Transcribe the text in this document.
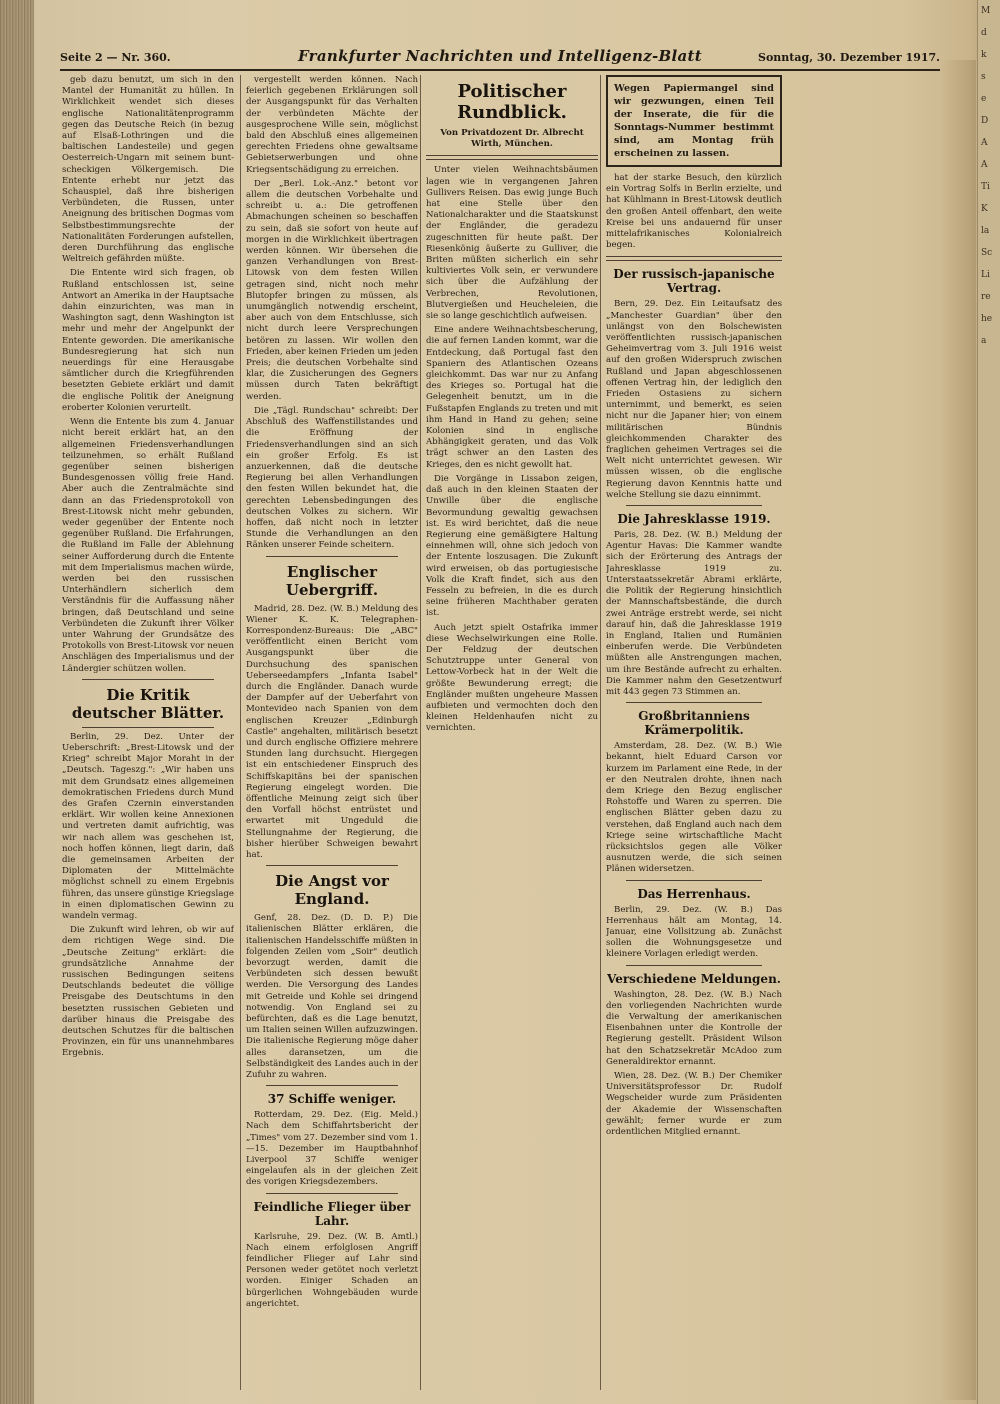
M
d
k
s
e
D
A
A
Ti
K
la
Sc
Li
re
he
a
Seite 2 — Nr. 360.	Frankfurter Nachrichten und Intelligenz-Blatt	Sonntag, 30. Dezember 1917.

geb dazu benutzt, um sich in den Mantel der Humanität zu hüllen. In Wirklichkeit wendet sich dieses englische Nationalitätenprogramm gegen das Deutsche Reich (in bezug auf Elsaß-Lothringen und die baltischen Landesteile) und gegen Oesterreich-Ungarn mit seinem buntscheckigen Völkergemisch. Die Entente erhebt nur jetzt das Schauspiel, daß ihre bisherigen Verbündeten, die Russen, unter Aneignung des britischen Dogmas vom Selbstbestimmungsrechte der Nationalitäten Forderungen aufstellen, deren Durchführung das englische Weltreich gefährden müßte.

Die Entente wird sich fragen, ob Rußland entschlossen ist, seine Antwort an Amerika in der Hauptsache dahin einzurichten, was man in Washington sagt, denn Washington ist mehr und mehr der Angelpunkt der Entente geworden. Die amerikanische Bundesregierung hat sich nun neuerdings für eine Herausgabe sämtlicher durch die Kriegführenden besetzten Gebiete erklärt und damit die englische Politik der Aneignung eroberter Kolonien verurteilt.

Wenn die Entente bis zum 4. Januar nicht bereit erklärt hat, an den allgemeinen Friedensverhandlungen teilzunehmen, so erhält Rußland gegenüber seinen bisherigen Bundesgenossen völlig freie Hand. Aber auch die Zentralmächte sind dann an das Friedensprotokoll von Brest-Litowsk nicht mehr gebunden, weder gegenüber der Entente noch gegenüber Rußland. Die Erfahrungen, die Rußland im Falle der Ablehnung seiner Aufforderung durch die Entente mit dem Imperialismus machen würde, werden bei den russischen Unterhändlern sicherlich dem Verständnis für die Auffassung näher bringen, daß Deutschland und seine Verbündeten die Zukunft ihrer Völker unter Wahrung der Grundsätze des Protokolls von Brest-Litowsk vor neuen Anschlägen des Imperialismus und der Ländergier schützen wollen.

Die Kritik deutscher Blätter.

Berlin, 29. Dez. Unter der Ueberschrift: „Brest-Litowsk und der Krieg" schreibt Major Moraht in der „Deutsch. Tageszg.": „Wir haben uns mit dem Grundsatz eines allgemeinen demokratischen Friedens durch Mund des Grafen Czernin einverstanden erklärt. Wir wollen keine Annexionen und vertreten damit aufrichtig, was wir nach allem was geschehen ist, noch hoffen können, liegt darin, daß die gemeinsamen Arbeiten der Diplomaten der Mittelmächte möglichst schnell zu einem Ergebnis führen, das unsere günstige Kriegslage in einen diplomatischen Gewinn zu wandeln vermag.

Die Zukunft wird lehren, ob wir auf dem richtigen Wege sind. Die „Deutsche Zeitung" erklärt: die grundsätzliche Annahme der russischen Bedingungen seitens Deutschlands bedeutet die völlige Preisgabe des Deutschtums in den besetzten russischen Gebieten und darüber hinaus die Preisgabe des deutschen Schutzes für die baltischen Provinzen, ein für uns unannehmbares Ergebnis.

vergestellt werden können. Nach feierlich gegebenen Erklärungen soll der Ausgangspunkt für das Verhalten der verbündeten Mächte der ausgesprochene Wille sein, möglichst bald den Abschluß eines allgemeinen gerechten Friedens ohne gewaltsame Gebietserwerbungen und ohne Kriegsentschädigung zu erreichen.

Der „Berl. Lok.-Anz." betont vor allem die deutschen Vorbehalte und schreibt u. a.: Die getroffenen Abmachungen scheinen so beschaffen zu sein, daß sie sofort von heute auf morgen in die Wirklichkeit übertragen werden können. Wir übersehen die ganzen Verhandlungen von Brest-Litowsk von dem festen Willen getragen sind, nicht noch mehr Blutopfer bringen zu müssen, als unumgänglich notwendig erscheint, aber auch von dem Entschlusse, sich nicht durch leere Versprechungen betören zu lassen. Wir wollen den Frieden, aber keinen Frieden um jeden Preis; die deutschen Vorbehalte sind klar, die Zusicherungen des Gegners müssen durch Taten bekräftigt werden.

Die „Tägl. Rundschau" schreibt: Der Abschluß des Waffenstillstandes und die Eröffnung der Friedensverhandlungen sind an sich ein großer Erfolg. Es ist anzuerkennen, daß die deutsche Regierung bei allen Verhandlungen den festen Willen bekundet hat, die gerechten Lebensbedingungen des deutschen Volkes zu sichern. Wir hoffen, daß nicht noch in letzter Stunde die Verhandlungen an den Ränken unserer Feinde scheitern.

Englischer Uebergriff.

Madrid, 28. Dez. (W. B.) Meldung des Wiener K. K. Telegraphen-Korrespondenz-Bureaus: Die „ABC" veröffentlicht einen Bericht vom Ausgangspunkt über die Durchsuchung des spanischen Ueberseedampfers „Infanta Isabel" durch die Engländer. Danach wurde der Dampfer auf der Ueberfahrt von Montevideo nach Spanien von dem englischen Kreuzer „Edinburgh Castle" angehalten, militärisch besetzt und durch englische Offiziere mehrere Stunden lang durchsucht. Hiergegen ist ein entschiedener Einspruch des Schiffskapitäns bei der spanischen Regierung eingelegt worden. Die öffentliche Meinung zeigt sich über den Vorfall höchst entrüstet und erwartet mit Ungeduld die Stellungnahme der Regierung, die bisher hierüber Schweigen bewahrt hat.

Die Angst vor England.

Genf, 28. Dez. (D. D. P.) Die italienischen Blätter erklären, die italienischen Handelsschiffe müßten in folgenden Zeilen vom „Soir" deutlich bevorzugt werden, damit die Verbündeten sich dessen bewußt werden. Die Versorgung des Landes mit Getreide und Kohle sei dringend notwendig. Von England sei zu befürchten, daß es die Lage benutzt, um Italien seinen Willen aufzuzwingen. Die italienische Regierung möge daher alles daransetzen, um die Selbständigkeit des Landes auch in der Zufuhr zu wahren.

37 Schiffe weniger.

Rotterdam, 29. Dez. (Eig. Meld.) Nach dem Schiffahrtsbericht der „Times" vom 27. Dezember sind vom 1.—15. Dezember im Hauptbahnhof Liverpool 37 Schiffe weniger eingelaufen als in der gleichen Zeit des vorigen Kriegsdezembers.

Feindliche Flieger über Lahr.

Karlsruhe, 29. Dez. (W. B. Amtl.) Nach einem erfolglosen Angriff feindlicher Flieger auf Lahr sind Personen weder getötet noch verletzt worden. Einiger Schaden an bürgerlichen Wohngebäuden wurde angerichtet.

Politischer Rundblick.
Von Privatdozent Dr. Albrecht Wirth, München.

Unter vielen Weihnachtsbäumen lagen wie in vergangenen Jahren Gullivers Reisen. Das ewig junge Buch hat eine Stelle über den Nationalcharakter und die Staatskunst der Engländer, die geradezu zugeschnitten für heute paßt. Der Riesenkönig äußerte zu Gulliver, die Briten müßten sicherlich ein sehr kultiviertes Volk sein, er verwundere sich über die Aufzählung der Verbrechen, Revolutionen, Blutvergießen und Heucheleien, die sie so lange geschichtlich aufweisen.

Eine andere Weihnachtsbescherung, die auf fernen Landen kommt, war die Entdeckung, daß Portugal fast den Spaniern des Atlantischen Ozeans gleichkommt. Das war nur zu Anfang des Krieges so. Portugal hat die Gelegenheit benutzt, um in die Fußstapfen Englands zu treten und mit ihm Hand in Hand zu gehen; seine Kolonien sind in englische Abhängigkeit geraten, und das Volk trägt schwer an den Lasten des Krieges, den es nicht gewollt hat.

Die Vorgänge in Lissabon zeigen, daß auch in den kleinen Staaten der Unwille über die englische Bevormundung gewaltig gewachsen ist. Es wird berichtet, daß die neue Regierung eine gemäßigtere Haltung einnehmen will, ohne sich jedoch von der Entente loszusagen. Die Zukunft wird erweisen, ob das portugiesische Volk die Kraft findet, sich aus den Fesseln zu befreien, in die es durch seine früheren Machthaber geraten ist.

Auch jetzt spielt Ostafrika immer diese Wechselwirkungen eine Rolle. Der Feldzug der deutschen Schutztruppe unter General von Lettow-Vorbeck hat in der Welt die größte Bewunderung erregt; die Engländer mußten ungeheure Massen aufbieten und vermochten doch den kleinen Heldenhaufen nicht zu vernichten.

Wegen Papiermangel sind wir gezwungen, einen Teil der Inserate, die für die Sonntags-Nummer bestimmt sind, am Montag früh erscheinen zu lassen.

hat der starke Besuch, den kürzlich ein Vortrag Solfs in Berlin erzielte, und hat Kühlmann in Brest-Litowsk deutlich den großen Anteil offenbart, den weite Kreise bei uns andauernd für unser mittelafrikanisches Kolonialreich begen.

Der russisch-japanische Vertrag.

Bern, 29. Dez. Ein Leitaufsatz des „Manchester Guardian" über den unlängst von den Bolschewisten veröffentlichten russisch-japanischen Geheimvertrag vom 3. Juli 1916 weist auf den großen Widerspruch zwischen Rußland und Japan abgeschlossenen offenen Vertrag hin, der lediglich den Frieden Ostasiens zu sichern unternimmt, und bemerkt, es seien nicht nur die Japaner hier; von einem militärischen Bündnis gleichkommenden Charakter des fraglichen geheimen Vertrages sei die Welt nicht unterrichtet gewesen. Wir müssen wissen, ob die englische Regierung davon Kenntnis hatte und welche Stellung sie dazu einnimmt.

Die Jahresklasse 1919.

Paris, 28. Dez. (W. B.) Meldung der Agentur Havas: Die Kammer wandte sich der Erörterung des Antrags der Jahresklasse 1919 zu. Unterstaatssekretär Abrami erklärte, die Politik der Regierung hinsichtlich der Mannschaftsbestände, die durch zwei Anträge erstrebt werde, sei nicht darauf hin, daß die Jahresklasse 1919 in England, Italien und Rumänien einberufen werde. Die Verbündeten müßten alle Anstrengungen machen, um ihre Bestände aufrecht zu erhalten. Die Kammer nahm den Gesetzentwurf mit 443 gegen 73 Stimmen an.

Großbritanniens Krämerpolitik.

Amsterdam, 28. Dez. (W. B.) Wie bekannt, hielt Eduard Carson vor kurzem im Parlament eine Rede, in der er den Neutralen drohte, ihnen nach dem Kriege den Bezug englischer Rohstoffe und Waren zu sperren. Die englischen Blätter geben dazu zu verstehen, daß England auch nach dem Kriege seine wirtschaftliche Macht rücksichtslos gegen alle Völker ausnutzen werde, die sich seinen Plänen widersetzen.

Das Herrenhaus.

Berlin, 29. Dez. (W. B.) Das Herrenhaus hält am Montag, 14. Januar, eine Vollsitzung ab. Zunächst sollen die Wohnungsgesetze und kleinere Vorlagen erledigt werden.

Verschiedene Meldungen.

Washington, 28. Dez. (W. B.) Nach den vorliegenden Nachrichten wurde die Verwaltung der amerikanischen Eisenbahnen unter die Kontrolle der Regierung gestellt. Präsident Wilson hat den Schatzsekretär McAdoo zum Generaldirektor ernannt.

Wien, 28. Dez. (W. B.) Der Chemiker Universitätsprofessor Dr. Rudolf Wegscheider wurde zum Präsidenten der Akademie der Wissenschaften gewählt; ferner wurde er zum ordentlichen Mitglied ernannt.
